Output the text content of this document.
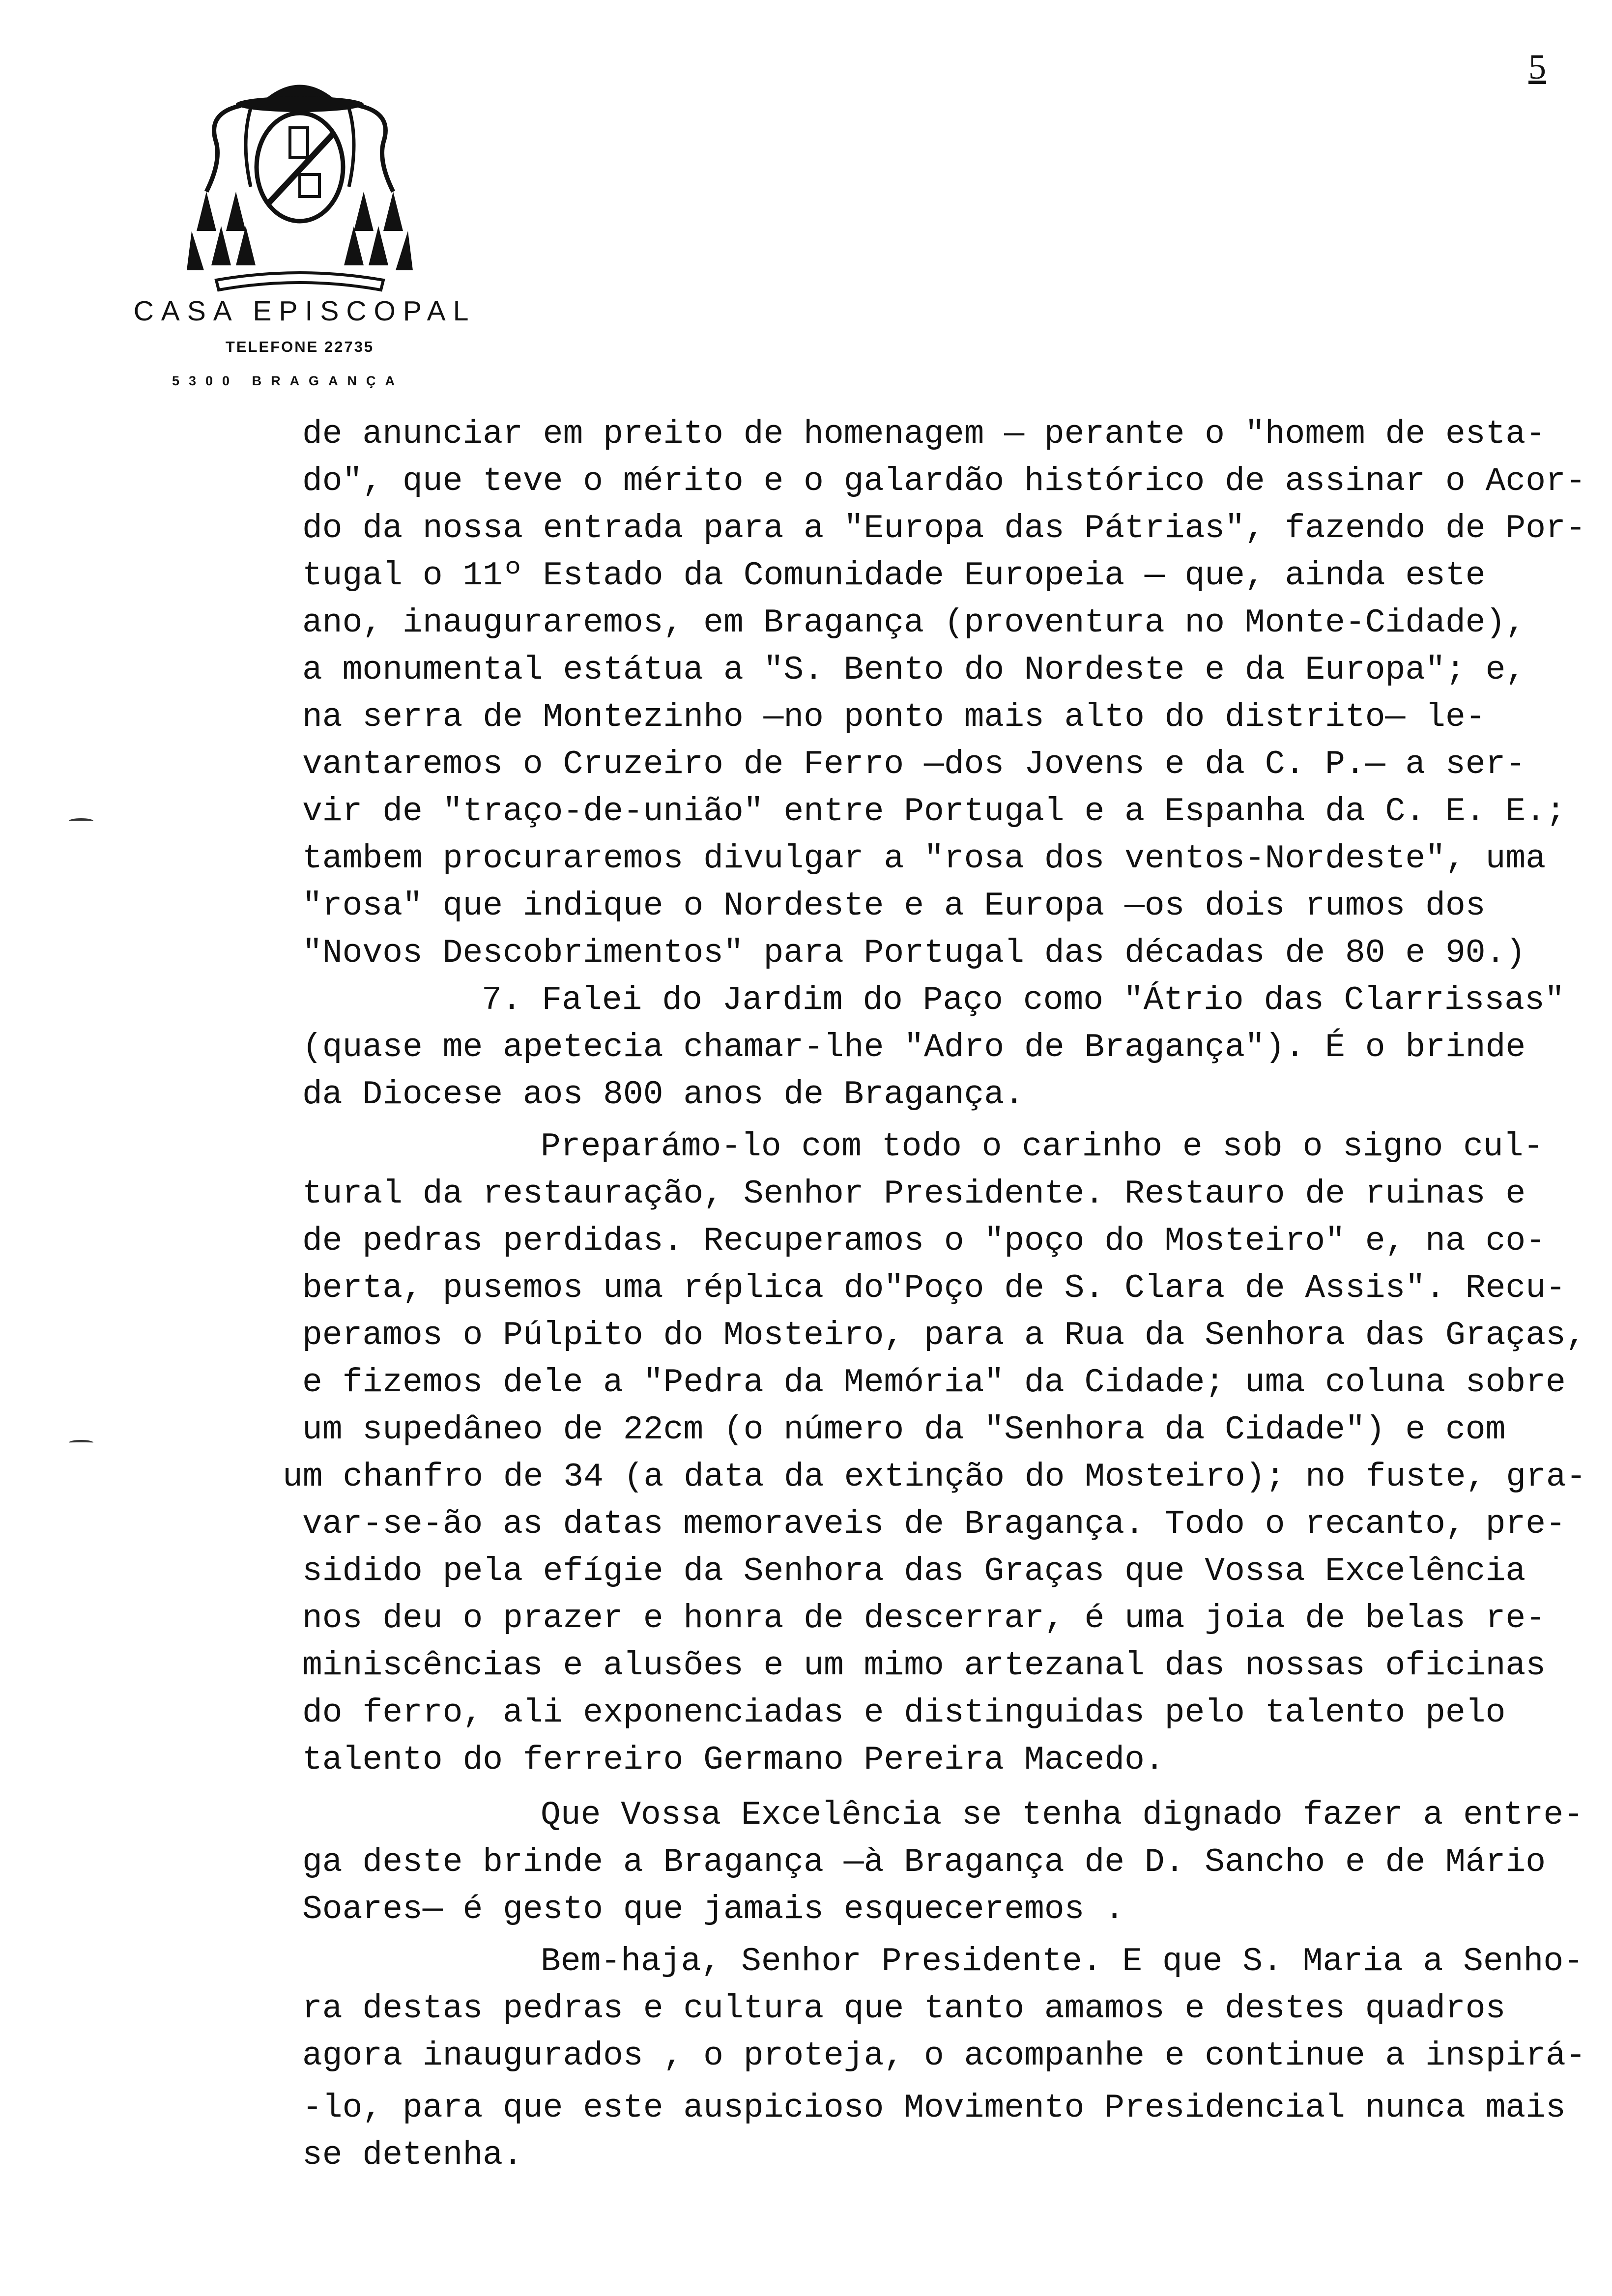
5
CASA EPISCOPAL
TELEFONE 22735
5300 BRAGANÇA
de anunciar em preito de homenagem — perante o "homem de esta-
do", que teve o mérito e o galardão histórico de assinar o Acor-
do da nossa entrada para a "Europa das Pátrias", fazendo de Por-
tugal o 11º Estado da Comunidade Europeia — que, ainda este
ano, inauguraremos, em Bragança (proventura no Monte-Cidade),
a monumental estátua a "S. Bento do Nordeste e da Europa"; e,
na serra de Montezinho —no ponto mais alto do distrito— le-
vantaremos o Cruzeiro de Ferro —dos Jovens e da C. P.— a ser-
vir de "traço-de-união" entre Portugal e a Espanha da C. E. E.;
tambem procuraremos divulgar a "rosa dos ventos-Nordeste", uma
"rosa" que indique o Nordeste e a Europa —os dois rumos dos
"Novos Descobrimentos" para Portugal das décadas de 80 e 90.)
7. Falei do Jardim do Paço como "Átrio das Clarrissas"
(quase me apetecia chamar-lhe "Adro de Bragança"). É o brinde
da Diocese aos 800 anos de Bragança.
Preparámo-lo com todo o carinho e sob o signo cul-
tural da restauração, Senhor Presidente. Restauro de ruinas e
de pedras perdidas. Recuperamos o "poço do Mosteiro" e, na co-
berta, pusemos uma réplica do"Poço de S. Clara de Assis". Recu-
peramos o Púlpito do Mosteiro, para a Rua da Senhora das Graças,
e fizemos dele a "Pedra da Memória" da Cidade; uma coluna sobre
um supedâneo de 22cm (o número da "Senhora da Cidade") e com
um chanfro de 34 (a data da extinção do Mosteiro); no fuste, gra-
var-se-ão as datas memoraveis de Bragança. Todo o recanto, pre-
sidido pela efígie da Senhora das Graças que Vossa Excelência
nos deu o prazer e honra de descerrar, é uma joia de belas re-
miniscências e alusões e um mimo artezanal das nossas oficinas
do ferro, ali exponenciadas e distinguidas pelo talento pelo
talento do ferreiro Germano Pereira Macedo.
Que Vossa Excelência se tenha dignado fazer a entre-
ga deste brinde a Bragança —à Bragança de D. Sancho e de Mário
Soares— é gesto que jamais esqueceremos .
Bem-haja, Senhor Presidente. E que S. Maria a Senho-
ra destas pedras e cultura que tanto amamos e destes quadros
agora inaugurados , o proteja, o acompanhe e continue a inspirá-
-lo, para que este auspicioso Movimento Presidencial nunca mais
se detenha.
